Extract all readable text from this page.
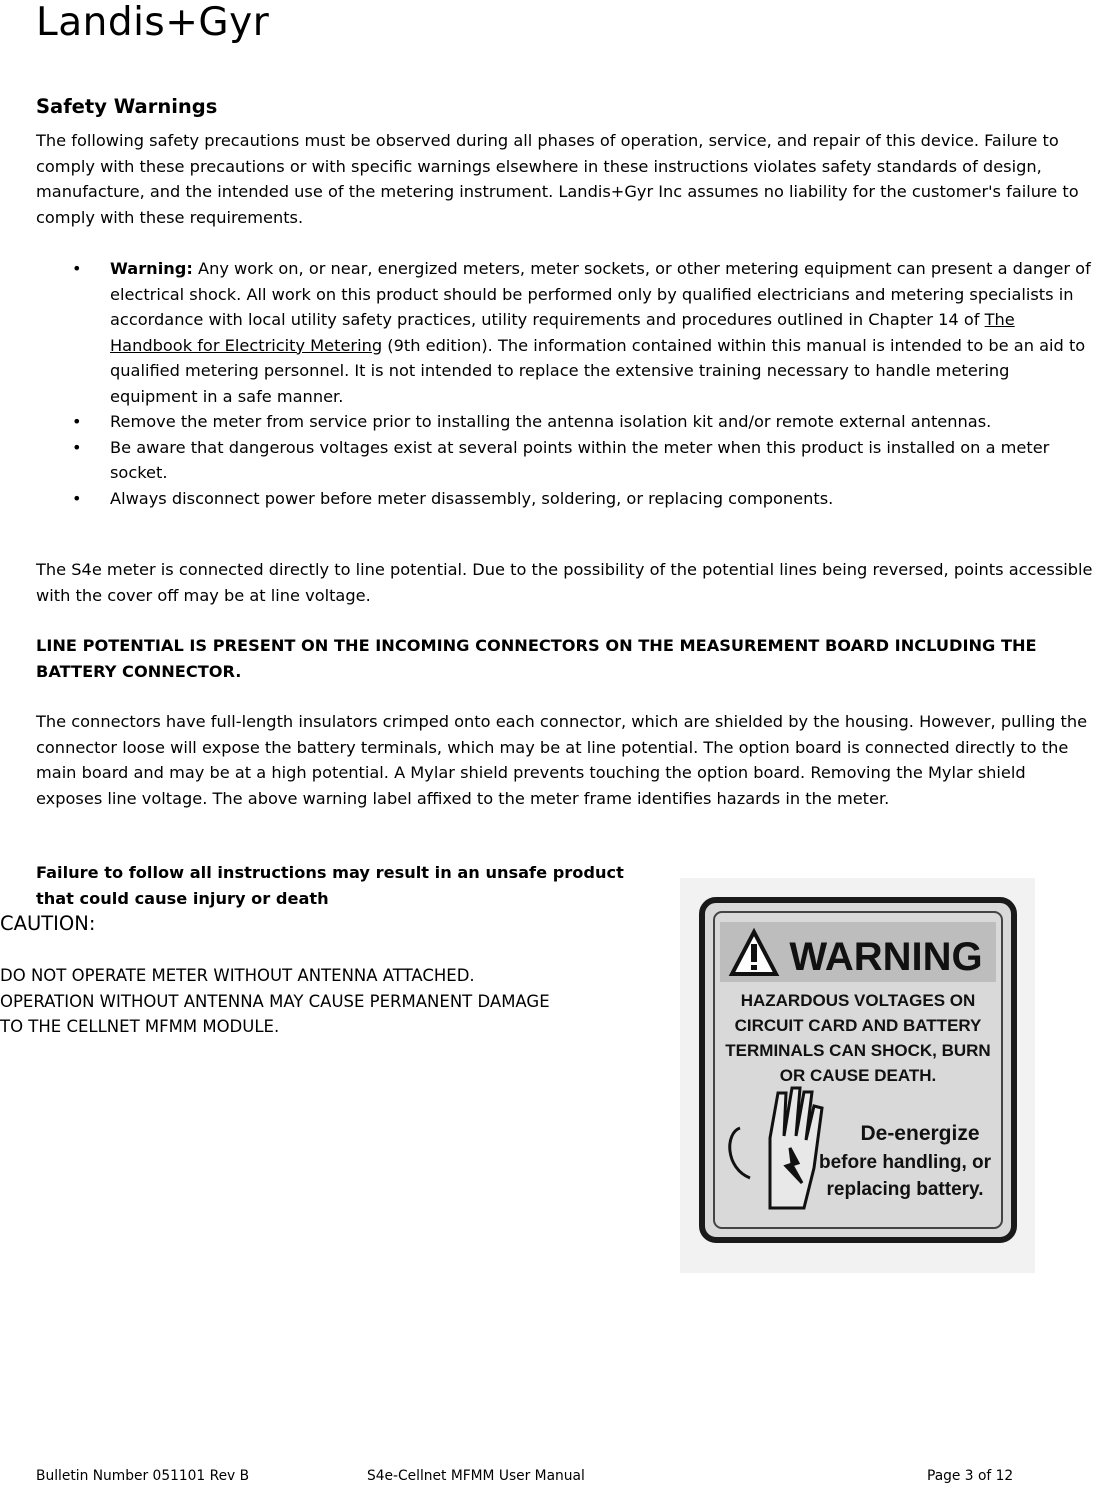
Landis+Gyr
Safety Warnings
The following safety precautions must be observed during all phases of operation, service, and repair of this device. Failure to comply with these precautions or with specific warnings elsewhere in these instructions violates safety standards of design, manufacture, and the intended use of the metering instrument. Landis+Gyr Inc assumes no liability for the customer's failure to comply with these requirements.
• Warning: Any work on, or near, energized meters, meter sockets, or other metering equipment can present a danger of electrical shock. All work on this product should be performed only by qualified electricians and metering specialists in accordance with local utility safety practices, utility requirements and procedures outlined in Chapter 14 of The Handbook for Electricity Metering (9th edition). The information contained within this manual is intended to be an aid to qualified metering personnel. It is not intended to replace the extensive training necessary to handle metering equipment in a safe manner.
• Remove the meter from service prior to installing the antenna isolation kit and/or remote external antennas.
• Be aware that dangerous voltages exist at several points within the meter when this product is installed on a meter socket.
• Always disconnect power before meter disassembly, soldering, or replacing components.
The S4e meter is connected directly to line potential. Due to the possibility of the potential lines being reversed, points accessible with the cover off may be at line voltage.
LINE POTENTIAL IS PRESENT ON THE INCOMING CONNECTORS ON THE MEASUREMENT BOARD INCLUDING THE BATTERY CONNECTOR.
The connectors have full-length insulators crimped onto each connector, which are shielded by the housing. However, pulling the connector loose will expose the battery terminals, which may be at line potential. The option board is connected directly to the main board and may be at a high potential. A Mylar shield prevents touching the option board. Removing the Mylar shield exposes line voltage. The above warning label affixed to the meter frame identifies hazards in the meter.
Failure to follow all instructions may result in an unsafe product that could cause injury or death
CAUTION:
DO NOT OPERATE METER WITHOUT ANTENNA ATTACHED.
OPERATION WITHOUT ANTENNA MAY CAUSE PERMANENT DAMAGE
TO THE CELLNET MFMM MODULE.
WARNING
HAZARDOUS VOLTAGES ON
CIRCUIT CARD AND BATTERY
TERMINALS CAN SHOCK, BURN
OR CAUSE DEATH.
De-energize
before handling, or
replacing battery.
Bulletin Number 051101 Rev B	S4e-Cellnet MFMM User Manual	Page 3 of 12
